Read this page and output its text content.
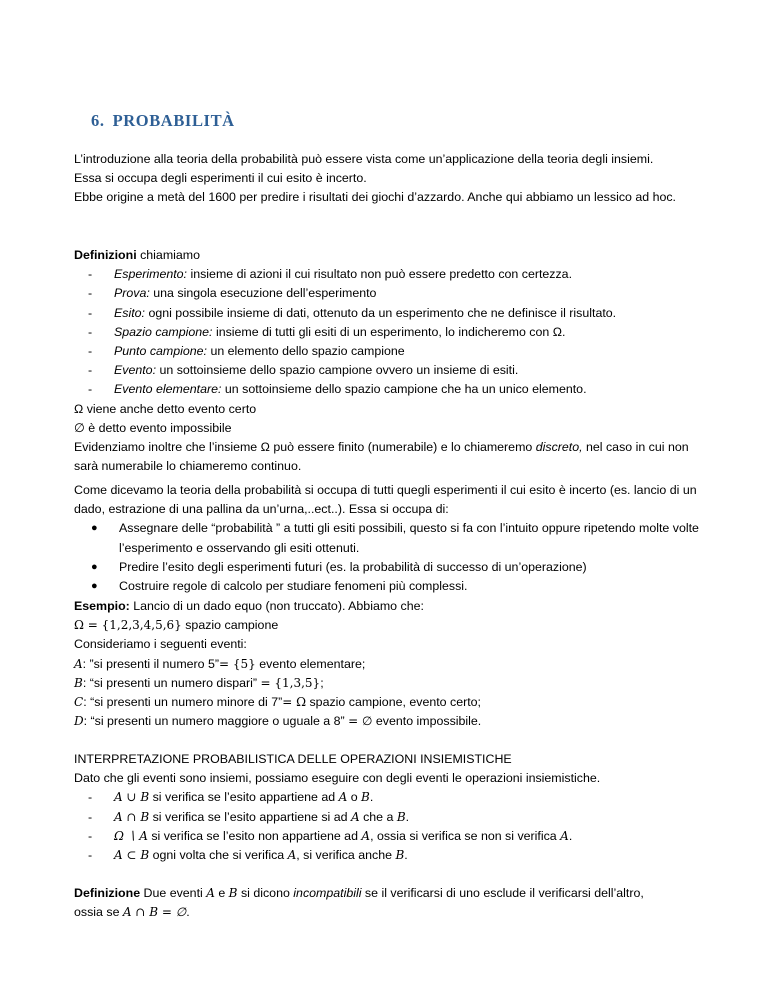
6. PROBABILITÀ

L’introduzione alla teoria della probabilità può essere vista come un’applicazione della teoria degli insiemi.

Essa si occupa degli esperimenti il cui esito è incerto.

Ebbe origine a metà del 1600 per predire i risultati dei giochi d’azzardo. Anche qui abbiamo un lessico ad hoc.

Definizioni chiamiamo

- Esperimento: insieme di azioni il cui risultato non può essere predetto con certezza.
- Prova: una singola esecuzione dell’esperimento
- Esito: ogni possibile insieme di dati, ottenuto da un esperimento che ne definisce il risultato.
- Spazio campione: insieme di tutti gli esiti di un esperimento, lo indicheremo con Ω.
- Punto campione: un elemento dello spazio campione
- Evento: un sottoinsieme dello spazio campione ovvero un insieme di esiti.
- Evento elementare: un sottoinsieme dello spazio campione che ha un unico elemento.

Ω viene anche detto evento certo

∅ è detto evento impossibile

Evidenziamo inoltre che l’insieme Ω può essere finito (numerabile) e lo chiameremo discreto, nel caso in cui non sarà numerabile lo chiameremo continuo.

Come dicevamo la teoria della probabilità si occupa di tutti quegli esperimenti il cui esito è incerto (es. lancio di un dado, estrazione di una pallina da un’urna,..ect..). Essa si occupa di:

● Assegnare delle “probabilità ” a tutti gli esiti possibili, questo si fa con l’intuito oppure ripetendo molte volte l’esperimento e osservando gli esiti ottenuti.
● Predire l’esito degli esperimenti futuri (es. la probabilità di successo di un’operazione)
● Costruire regole di calcolo per studiare fenomeni più complessi.

Esempio: Lancio di un dado equo (non truccato). Abbiamo che:

Ω = {1,2,3,4,5,6} spazio campione

Consideriamo i seguenti eventi:

A: ”si presenti il numero 5”= {5} evento elementare;

B: “si presenti un numero dispari” = {1,3,5};

C: “si presenti un numero minore di 7”= Ω spazio campione, evento certo;

D: “si presenti un numero maggiore o uguale a 8” = ∅ evento impossibile.

INTERPRETAZIONE PROBABILISTICA DELLE OPERAZIONI INSIEMISTICHE

Dato che gli eventi sono insiemi, possiamo eseguire con degli eventi le operazioni insiemistiche.

- A ∪ B si verifica se l’esito appartiene ad A o B.
- A ∩ B si verifica se l’esito appartiene si ad A che a B.
- Ω ∖ A si verifica se l’esito non appartiene ad A, ossia si verifica se non si verifica A.
- A ⊂ B ogni volta che si verifica A, si verifica anche B.

Definizione Due eventi A e B si dicono incompatibili se il verificarsi di uno esclude il verificarsi dell’altro,

ossia se A ∩ B = ∅.
